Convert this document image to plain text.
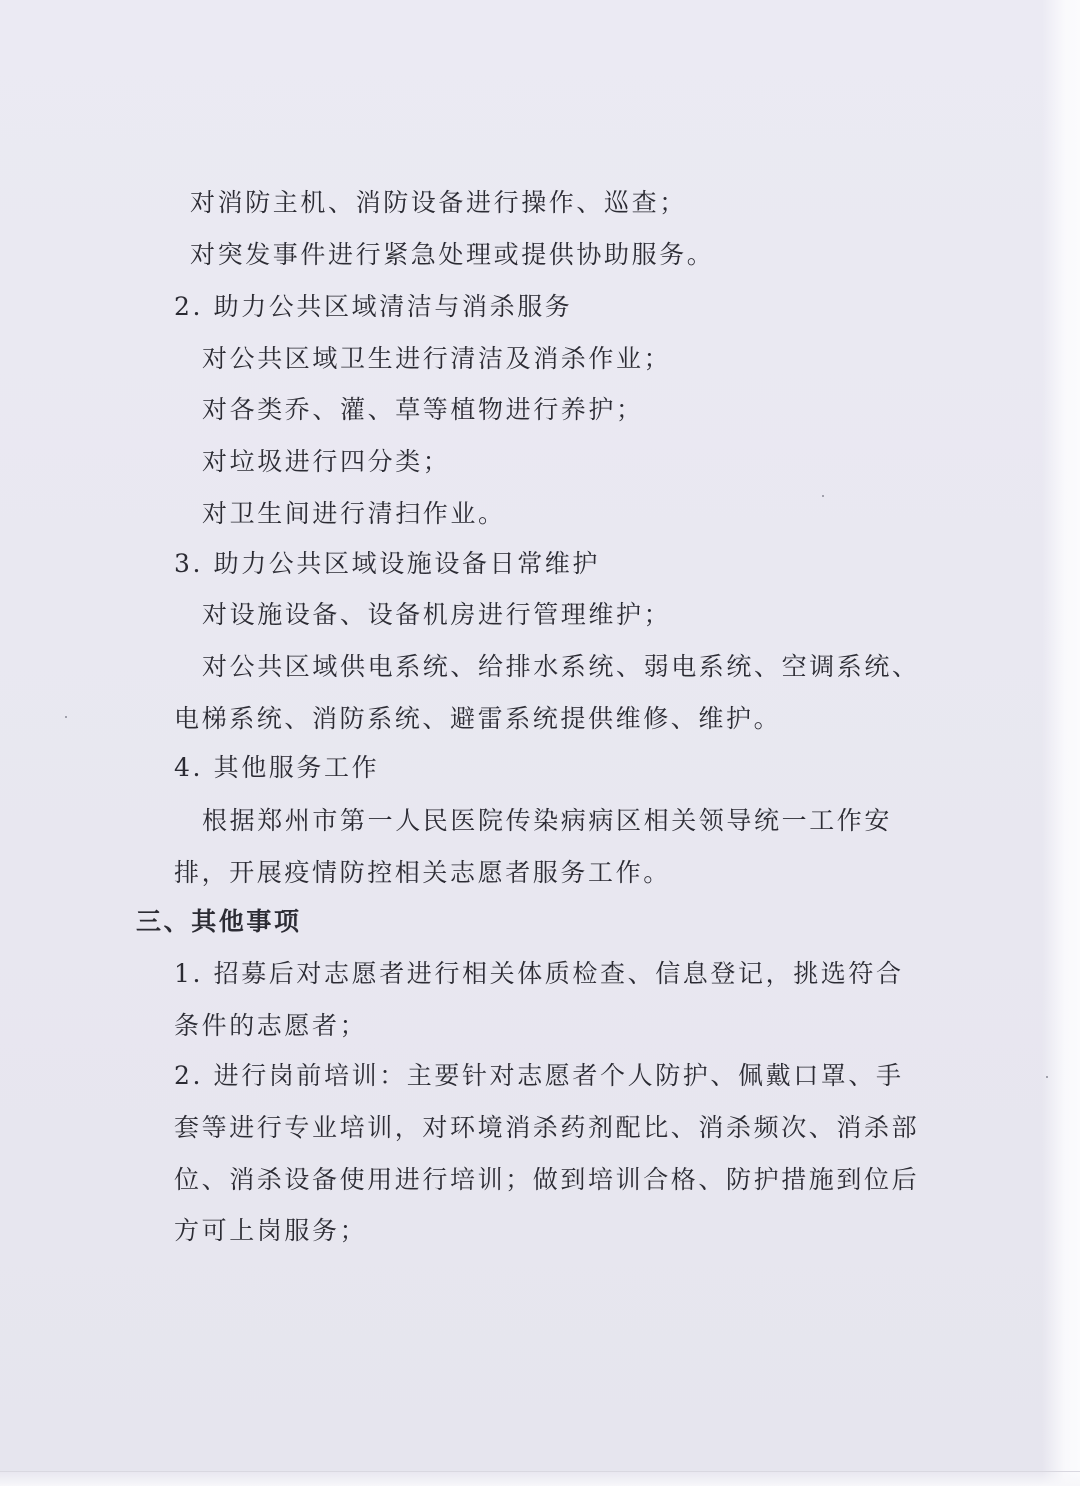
对消防主机、消防设备进行操作、巡查；
对突发事件进行紧急处理或提供协助服务。
2. 助力公共区域清洁与消杀服务
对公共区域卫生进行清洁及消杀作业；
对各类乔、灌、草等植物进行养护；
对垃圾进行四分类；
对卫生间进行清扫作业。
3. 助力公共区域设施设备日常维护
对设施设备、设备机房进行管理维护；
对公共区域供电系统、给排水系统、弱电系统、空调系统、
电梯系统、消防系统、避雷系统提供维修、维护。
4. 其他服务工作
根据郑州市第一人民医院传染病病区相关领导统一工作安
排，开展疫情防控相关志愿者服务工作。
三、其他事项
1. 招募后对志愿者进行相关体质检查、信息登记，挑选符合
条件的志愿者；
2. 进行岗前培训：主要针对志愿者个人防护、佩戴口罩、手
套等进行专业培训，对环境消杀药剂配比、消杀频次、消杀部
位、消杀设备使用进行培训；做到培训合格、防护措施到位后
方可上岗服务；
